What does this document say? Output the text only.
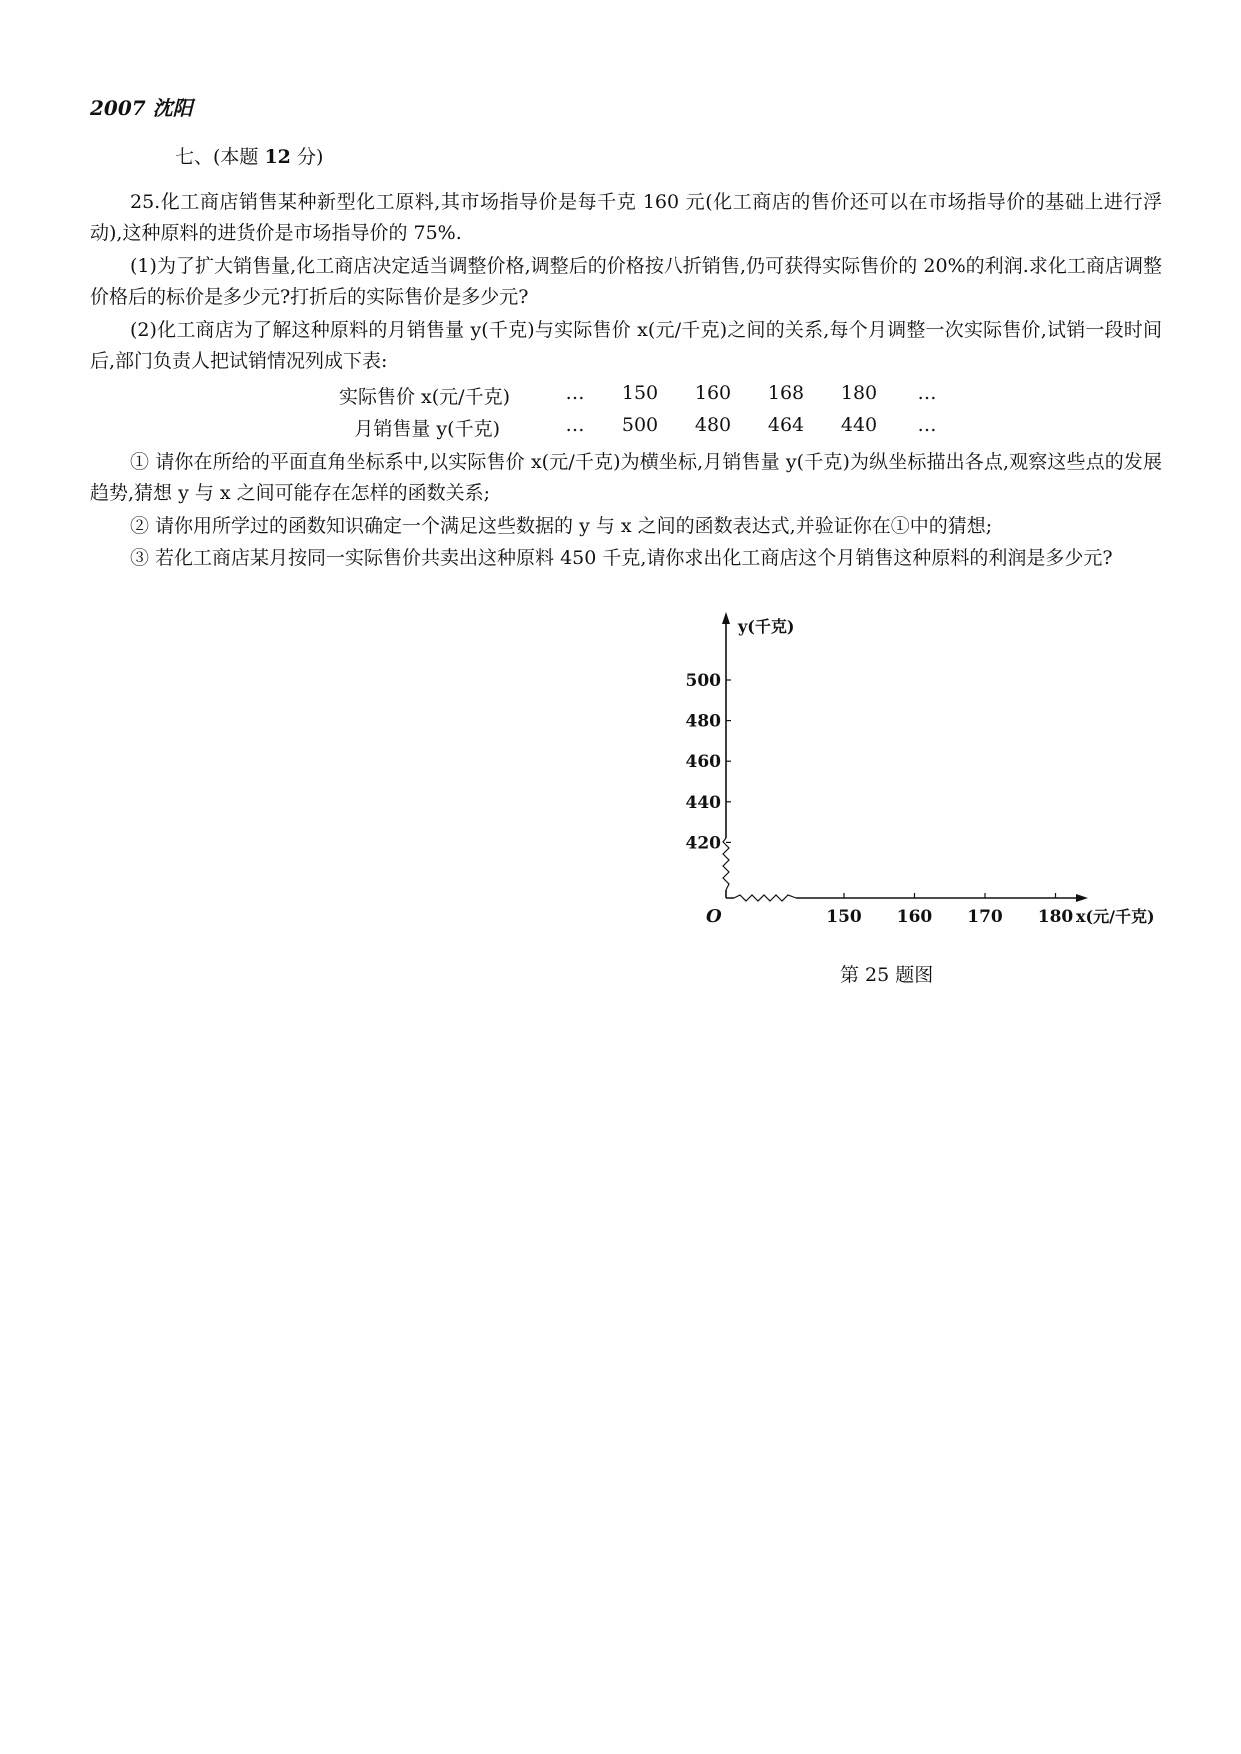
2007 沈阳
七、(本题 12 分)
25.化工商店销售某种新型化工原料,其市场指导价是每千克 160 元(化工商店的售价还可以在市场指导价的基础上进行浮动),这种原料的进货价是市场指导价的 75%.
(1)为了扩大销售量,化工商店决定适当调整价格,调整后的价格按八折销售,仍可获得实际售价的 20%的利润.求化工商店调整价格后的标价是多少元?打折后的实际售价是多少元?
(2)化工商店为了解这种原料的月销售量 y(千克)与实际售价 x(元/千克)之间的关系,每个月调整一次实际售价,试销一段时间后,部门负责人把试销情况列成下表:
实际售价 x(元/千克)	…	150	160	168	180	…
月销售量 y(千克)	…	500	480	464	440	…
① 请你在所给的平面直角坐标系中,以实际售价 x(元/千克)为横坐标,月销售量 y(千克)为纵坐标描出各点,观察这些点的发展趋势,猜想 y 与 x 之间可能存在怎样的函数关系;
② 请你用所学过的函数知识确定一个满足这些数据的 y 与 x 之间的函数表达式,并验证你在①中的猜想;
③ 若化工商店某月按同一实际售价共卖出这种原料 450 千克,请你求出化工商店这个月销售这种原料的利润是多少元?
420
440
460
480
500
150 160 170 180
O
y(千克)
x(元/千克)
第 25 题图
